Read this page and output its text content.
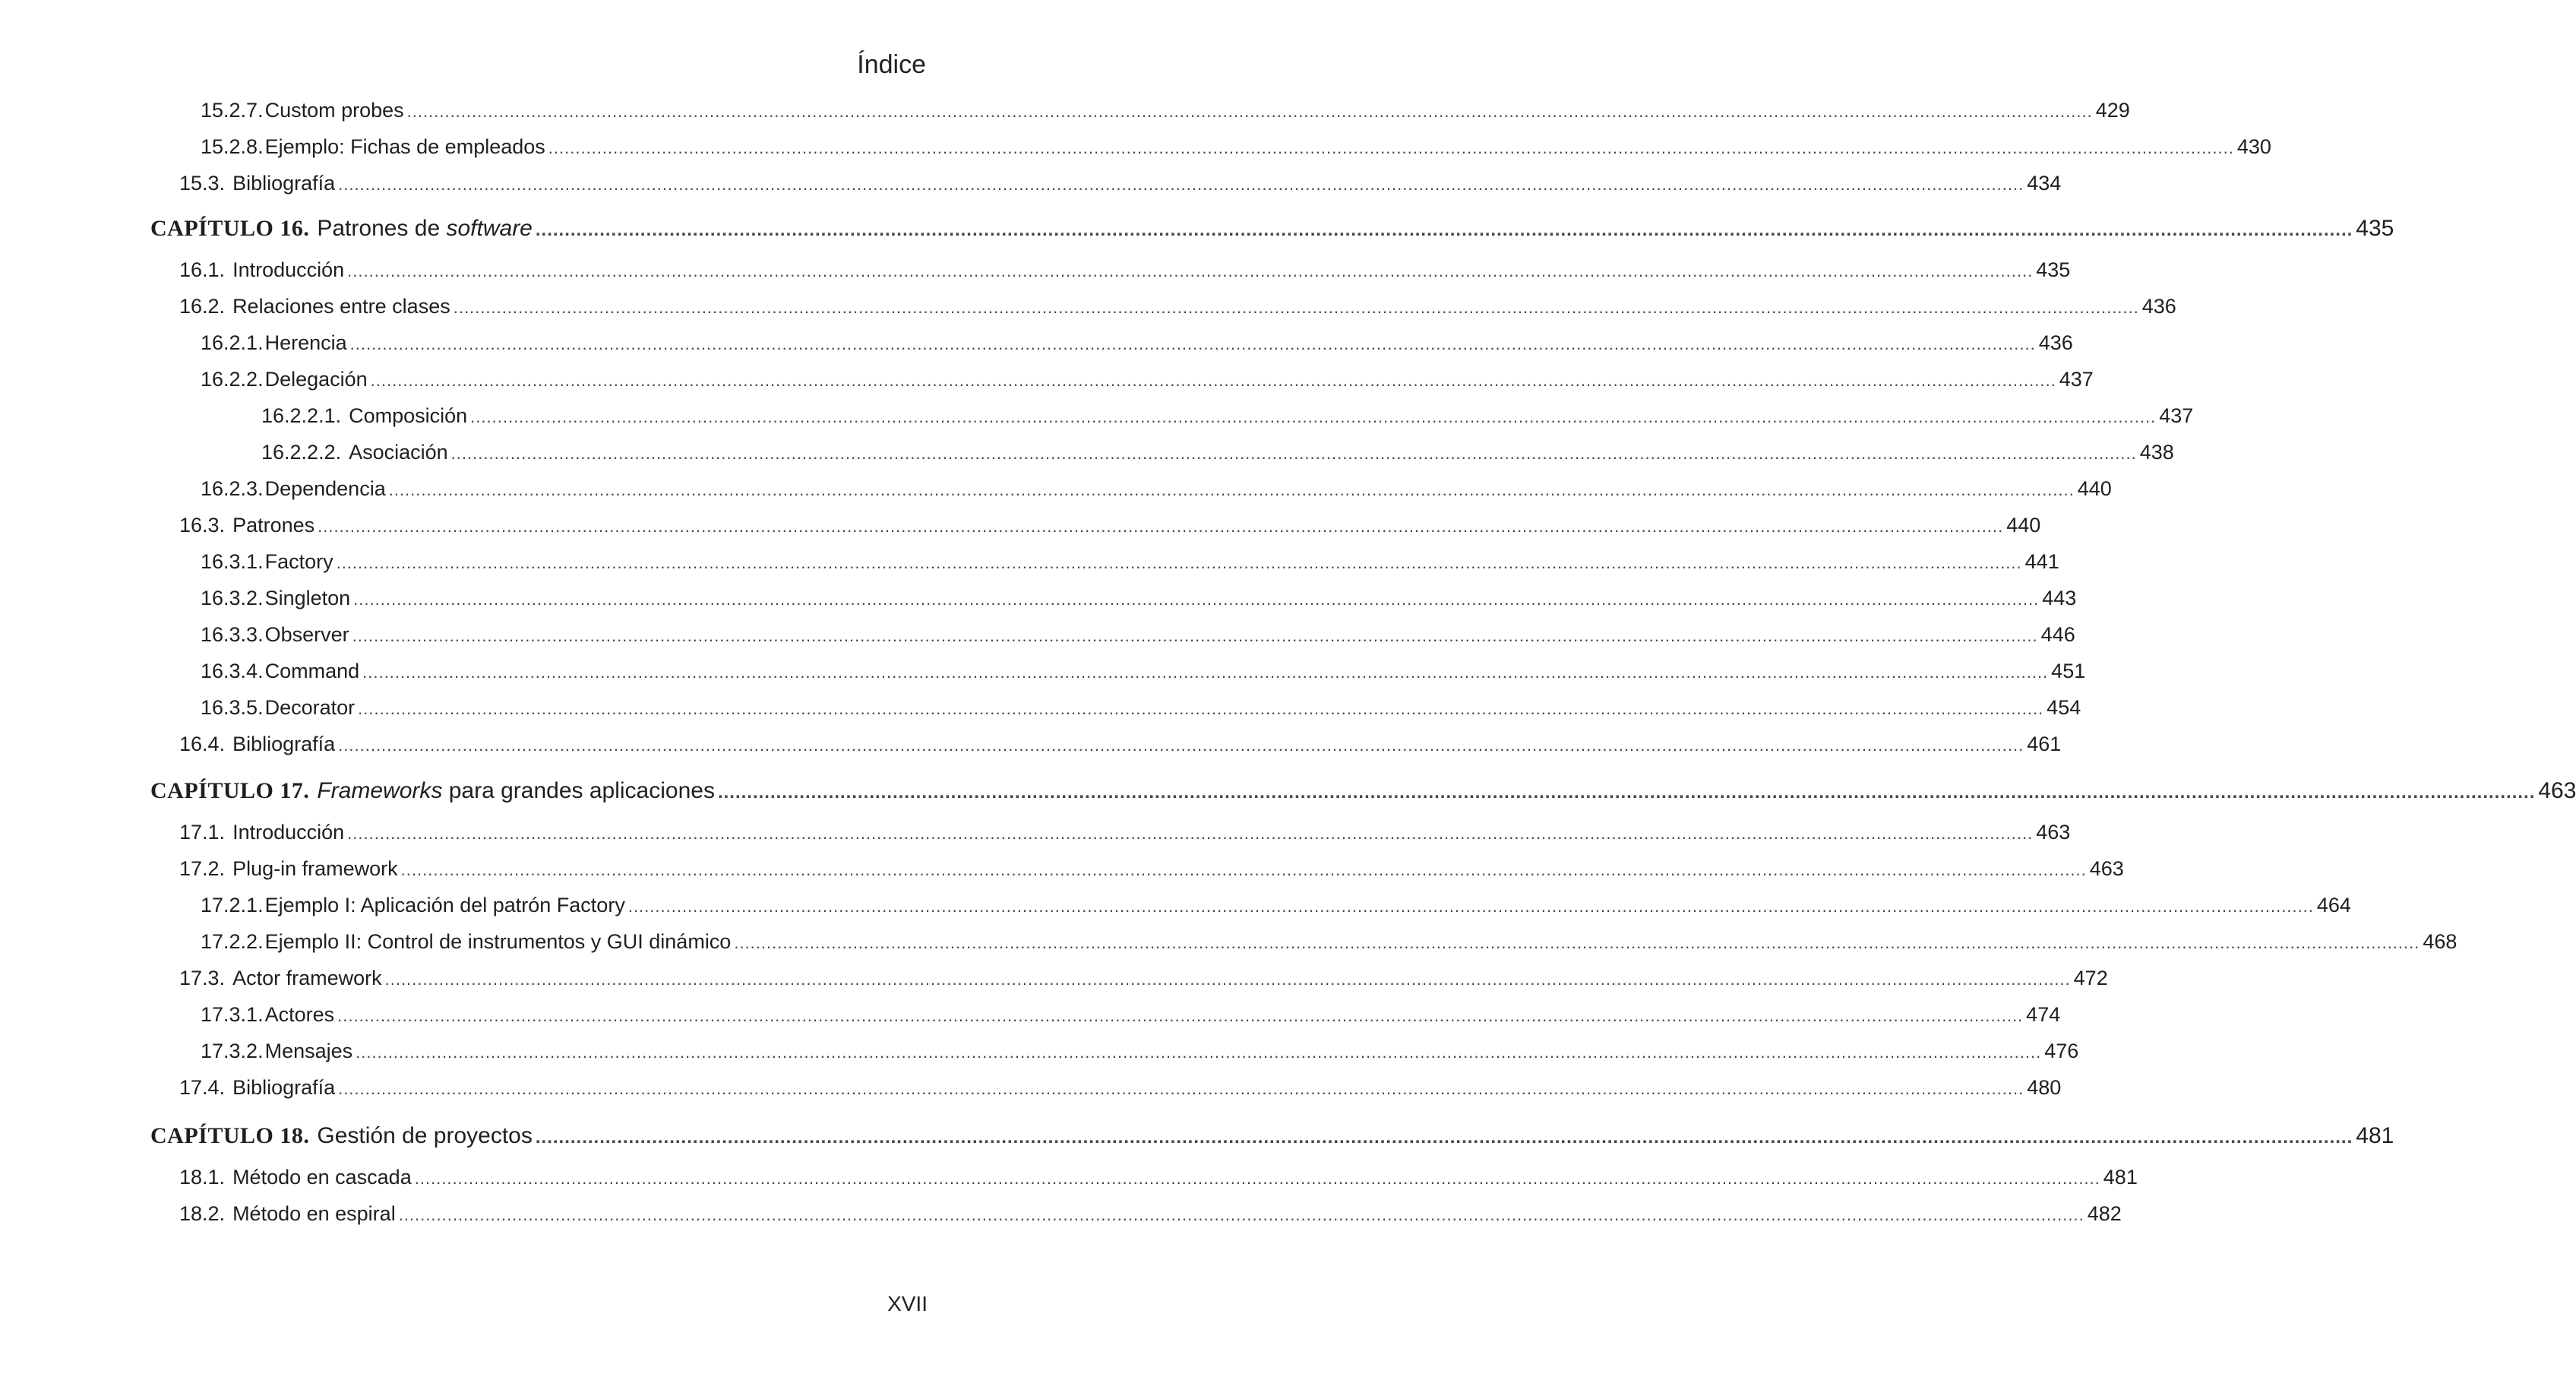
Índice
15.2.7. Custom probes .....	429
15.2.8. Ejemplo: Fichas de empleados .....	430
15.3. Bibliografía .....	434
CAPÍTULO 16. Patrones de software .....	435
16.1. Introducción .....	435
16.2. Relaciones entre clases .....	436
16.2.1. Herencia .....	436
16.2.2. Delegación .....	437
16.2.2.1. Composición .....	437
16.2.2.2. Asociación .....	438
16.2.3. Dependencia .....	440
16.3. Patrones .....	440
16.3.1. Factory .....	441
16.3.2. Singleton .....	443
16.3.3. Observer .....	446
16.3.4. Command .....	451
16.3.5. Decorator .....	454
16.4. Bibliografía .....	461
CAPÍTULO 17. Frameworks para grandes aplicaciones .....	463
17.1. Introducción .....	463
17.2. Plug-in framework .....	463
17.2.1. Ejemplo I: Aplicación del patrón Factory .....	464
17.2.2. Ejemplo II: Control de instrumentos y GUI dinámico .....	468
17.3. Actor framework .....	472
17.3.1. Actores .....	474
17.3.2. Mensajes .....	476
17.4. Bibliografía .....	480
CAPÍTULO 18. Gestión de proyectos .....	481
18.1. Método en cascada .....	481
18.2. Método en espiral .....	482
XVII
